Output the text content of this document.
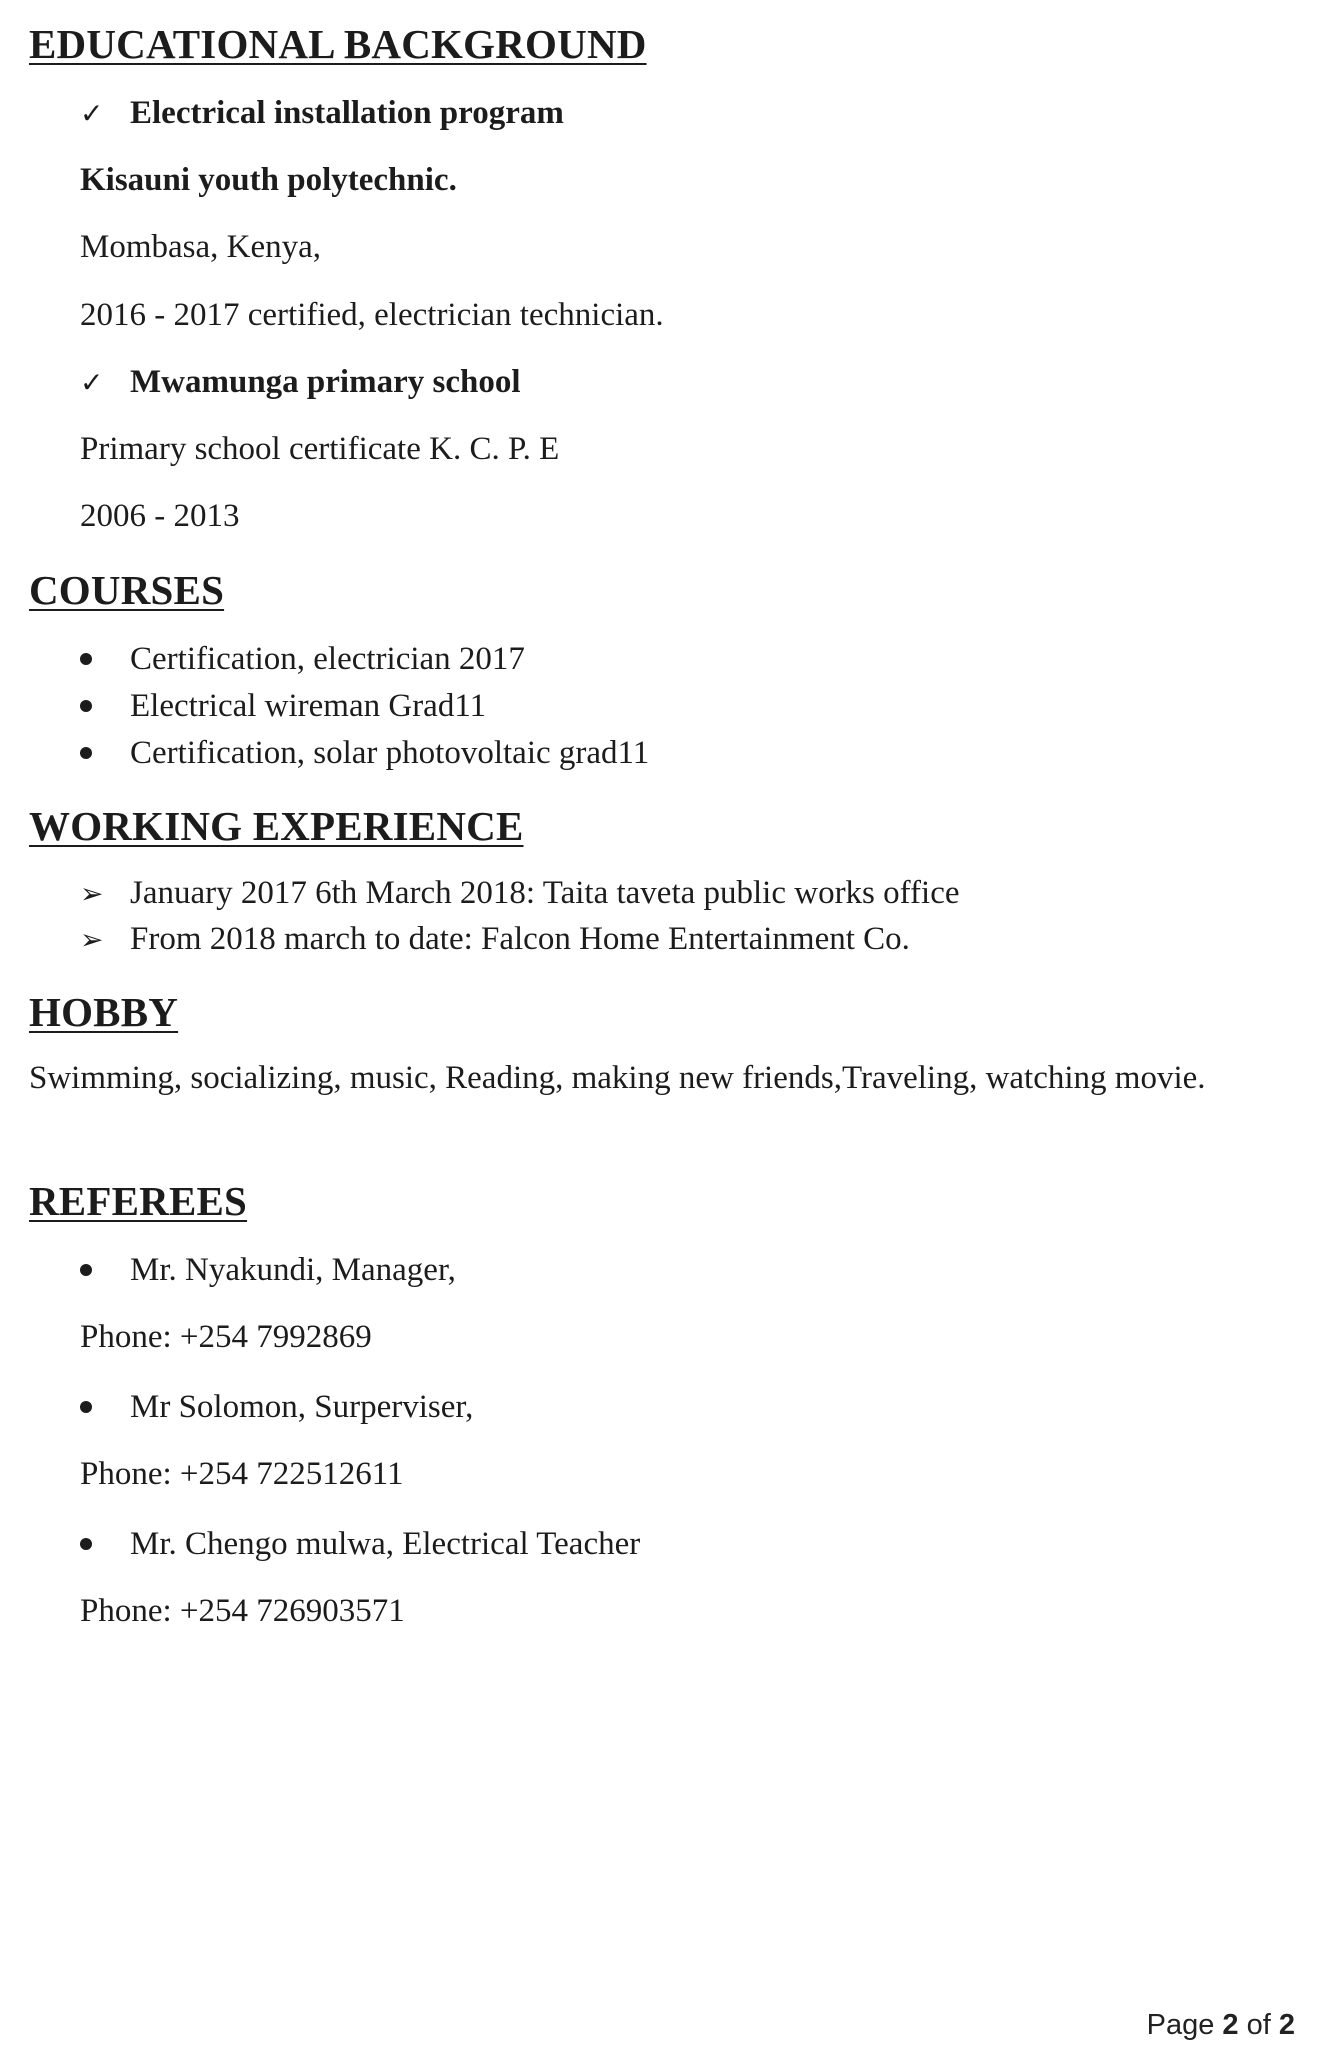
EDUCATIONAL BACKGROUND
✓ Electrical installation program
Kisauni youth polytechnic.
Mombasa, Kenya,
2016 - 2017 certified, electrician technician.
✓ Mwamunga primary school
Primary school certificate K. C. P. E
2006 - 2013
COURSES
Certification, electrician 2017
Electrical wireman Grad11
Certification, solar photovoltaic grad11
WORKING EXPERIENCE
➢ January 2017 6th March 2018: Taita taveta public works office
➢ From 2018 march to date: Falcon Home Entertainment Co.
HOBBY
Swimming, socializing, music, Reading, making new friends,Traveling, watching movie.
REFEREES
Mr. Nyakundi, Manager,
Phone: +254 7992869
Mr Solomon, Surperviser,
Phone: +254 722512611
Mr. Chengo mulwa, Electrical Teacher
Phone: +254 726903571
Page 2 of 2
